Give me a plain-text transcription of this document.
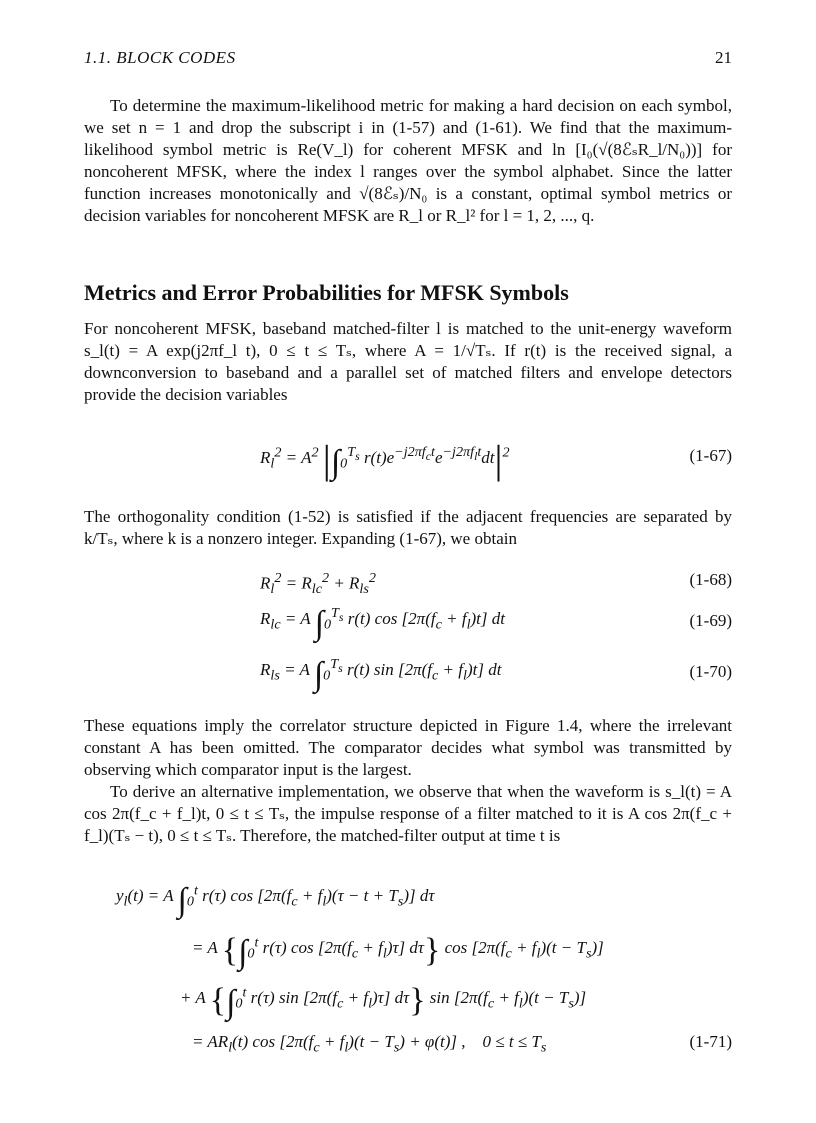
1.1. BLOCK CODES	21

To determine the maximum-likelihood metric for making a hard decision on each symbol, we set n = 1 and drop the subscript i in (1-57) and (1-61). We find that the maximum-likelihood symbol metric is Re(V_l) for coherent MFSK and ln [I₀(√(8ℰₛR_l/N₀))] for noncoherent MFSK, where the index l ranges over the symbol alphabet. Since the latter function increases monotonically and √(8ℰₛ)/N₀ is a constant, optimal symbol metrics or decision variables for noncoherent MFSK are R_l or R_l² for l = 1, 2, ..., q.

Metrics and Error Probabilities for MFSK Symbols

For noncoherent MFSK, baseband matched-filter l is matched to the unit-energy waveform s_l(t) = A exp(j2πf_l t), 0 ≤ t ≤ Tₛ, where A = 1/√Tₛ. If r(t) is the received signal, a downconversion to baseband and a parallel set of matched filters and envelope detectors provide the decision variables

$R_l^2 = A^2$ $|\int_0^{T_s}$ $r(t)e^{-j2\pi f_ct}e^{-j2\pi f_lt}dt|^2$	(1-67)

The orthogonality condition (1-52) is satisfied if the adjacent frequencies are separated by k/Tₛ, where k is a nonzero integer. Expanding (1-67), we obtain

$R_l^2 = R_{lc}^2 + R_{ls}^2$	(1-68)
$R_{lc} = A$ $\int_0^{T_s}$ r(t) $\cos [2\pi(f_c + f_l)t]$ dt	(1-69)
$R_{ls} = A$ $\int_0^{T_s}$ r(t) $\sin [2\pi(f_c + f_l)t]$ dt	(1-70)

These equations imply the correlator structure depicted in Figure 1.4, where the irrelevant constant A has been omitted. The comparator decides what symbol was transmitted by observing which comparator input is the largest.

To derive an alternative implementation, we observe that when the waveform is s_l(t) = A cos 2π(f_c + f_l)t, 0 ≤ t ≤ Tₛ, the impulse response of a filter matched to it is A cos 2π(f_c + f_l)(Tₛ − t), 0 ≤ t ≤ Tₛ. Therefore, the matched-filter output at time t is

$y_l(t) = A$ $\int_0^t$ r(τ) $\cos [2\pi(f_c + f_l)(\tau - t + T_s)]$ dτ
= A {$\int_0^t$ r(τ) $\cos [2\pi(f_c + f_l)\tau]$ dτ} $\cos [2\pi(f_c + f_l)(t - T_s)]$
+ A {$\int_0^t$ r(τ) $\sin [2\pi(f_c + f_l)\tau]$ dτ} $\sin [2\pi(f_c + f_l)(t - T_s)]$
= $AR_l(t)$ $\cos [2\pi(f_c + f_l)(t - T_s) + \varphi(t)]$ ,    $0 \le t \le T_s$	(1-71)
